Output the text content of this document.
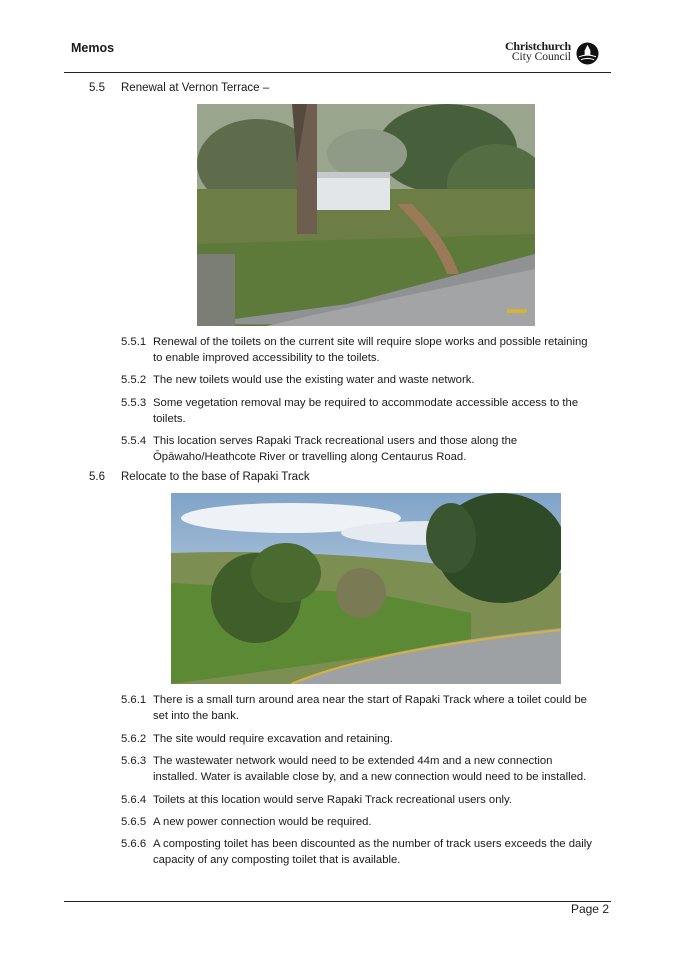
Memos	Christchurch
City Council
5.5	Renewal at Vernon Terrace –
5.5.1 Renewal of the toilets on the current site will require slope works and possible retaining
to enable improved accessibility to the toilets.
5.5.2 The new toilets would use the existing water and waste network.
5.5.3 Some vegetation removal may be required to accommodate accessible access to the
toilets.
5.5.4 This location serves Rapaki Track recreational users and those along the
Ōpāwaho/Heathcote River or travelling along Centaurus Road.
5.6	Relocate to the base of Rapaki Track
5.6.1 There is a small turn around area near the start of Rapaki Track where a toilet could be
set into the bank.
5.6.2 The site would require excavation and retaining.
5.6.3 The wastewater network would need to be extended 44m and a new connection
installed. Water is available close by, and a new connection would need to be installed.
5.6.4 Toilets at this location would serve Rapaki Track recreational users only.
5.6.5 A new power connection would be required.
5.6.6 A composting toilet has been discounted as the number of track users exceeds the daily
capacity of any composting toilet that is available.
Page 2
